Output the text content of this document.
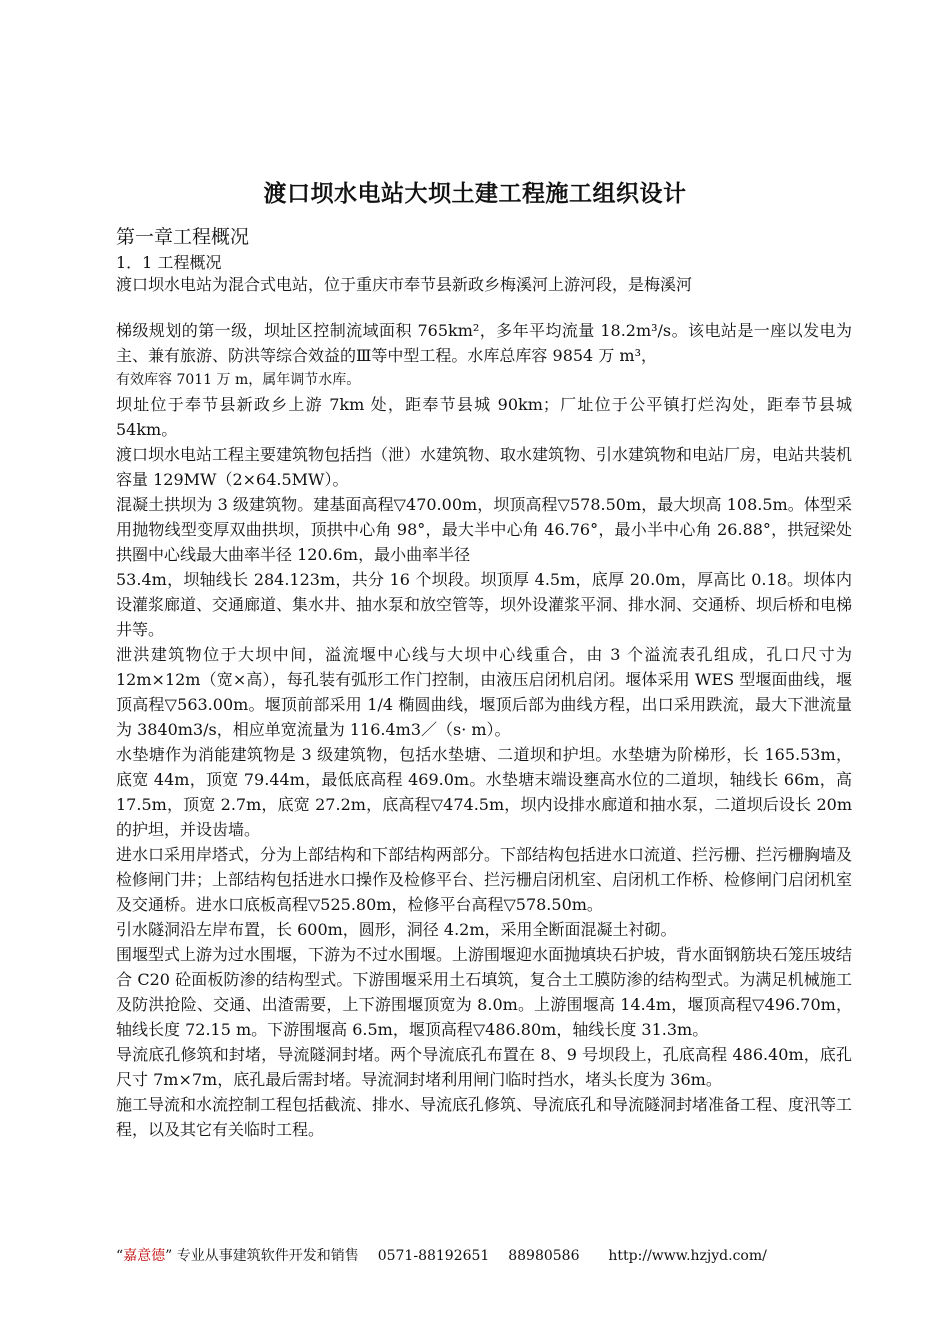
渡口坝水电站大坝土建工程施工组织设计
第一章工程概况
1．1 工程概况

渡口坝水电站为混合式电站，位于重庆市奉节县新政乡梅溪河上游河段，是梅溪河

梯级规划的第一级，坝址区控制流域面积 765km²，多年平均流量 18.2m³/s。该电站是一座以发电为主、兼有旅游、防洪等综合效益的Ⅲ等中型工程。水库总库容 9854 万 m³，

有效库容 7011 万 m，属年调节水库。

坝址位于奉节县新政乡上游 7km 处，距奉节县城 90km；厂址位于公平镇打烂沟处，距奉节县城 54km。

渡口坝水电站工程主要建筑物包括挡（泄）水建筑物、取水建筑物、引水建筑物和电站厂房，电站共装机容量 129MW（2×64.5MW）。

混凝土拱坝为 3 级建筑物。建基面高程▽470.00m，坝顶高程▽578.50m，最大坝高 108.5m。体型采用抛物线型变厚双曲拱坝，顶拱中心角 98°，最大半中心角 46.76°，最小半中心角 26.88°，拱冠梁处拱圈中心线最大曲率半径 120.6m，最小曲率半径

53.4m，坝轴线长 284.123m，共分 16 个坝段。坝顶厚 4.5m，底厚 20.0m，厚高比 0.18。坝体内设灌浆廊道、交通廊道、集水井、抽水泵和放空管等，坝外设灌浆平洞、排水洞、交通桥、坝后桥和电梯井等。

泄洪建筑物位于大坝中间，溢流堰中心线与大坝中心线重合，由 3 个溢流表孔组成，孔口尺寸为 12m×12m（宽×高），每孔装有弧形工作门控制，由液压启闭机启闭。堰体采用 WES 型堰面曲线，堰顶高程▽563.00m。堰顶前部采用 1/4 椭圆曲线，堰顶后部为曲线方程，出口采用跌流，最大下泄流量为 3840m3/s，相应单宽流量为 116.4m3／（s· m）。

水垫塘作为消能建筑物是 3 级建筑物，包括水垫塘、二道坝和护坦。水垫塘为阶梯形，长 165.53m，底宽 44m，顶宽 79.44m，最低底高程 469.0m。水垫塘末端设壅高水位的二道坝，轴线长 66m，高 17.5m，顶宽 2.7m，底宽 27.2m，底高程▽474.5m，坝内设排水廊道和抽水泵，二道坝后设长 20m 的护坦，并设齿墙。

进水口采用岸塔式，分为上部结构和下部结构两部分。下部结构包括进水口流道、拦污栅、拦污栅胸墙及检修闸门井；上部结构包括进水口操作及检修平台、拦污栅启闭机室、启闭机工作桥、检修闸门启闭机室及交通桥。进水口底板高程▽525.80m，检修平台高程▽578.50m。

引水隧洞沿左岸布置，长 600m，圆形，洞径 4.2m，采用全断面混凝土衬砌。

围堰型式上游为过水围堰，下游为不过水围堰。上游围堰迎水面抛填块石护坡，背水面钢筋块石笼压坡结合 C20 砼面板防渗的结构型式。下游围堰采用土石填筑，复合土工膜防渗的结构型式。为满足机械施工及防洪抢险、交通、出渣需要，上下游围堰顶宽为 8.0m。上游围堰高 14.4m，堰顶高程▽496.70m，轴线长度 72.15 m。下游围堰高 6.5m，堰顶高程▽486.80m，轴线长度 31.3m。

导流底孔修筑和封堵，导流隧洞封堵。两个导流底孔布置在 8、9 号坝段上，孔底高程 486.40m，底孔尺寸 7m×7m，底孔最后需封堵。导流洞封堵利用闸门临时挡水，堵头长度为 36m。

施工导流和水流控制工程包括截流、排水、导流底孔修筑、导流底孔和导流隧洞封堵准备工程、度汛等工程，以及其它有关临时工程。

“嘉意德” 专业从事建筑软件开发和销售 0571-88192651 88980586 http://www.hzjyd.com/
